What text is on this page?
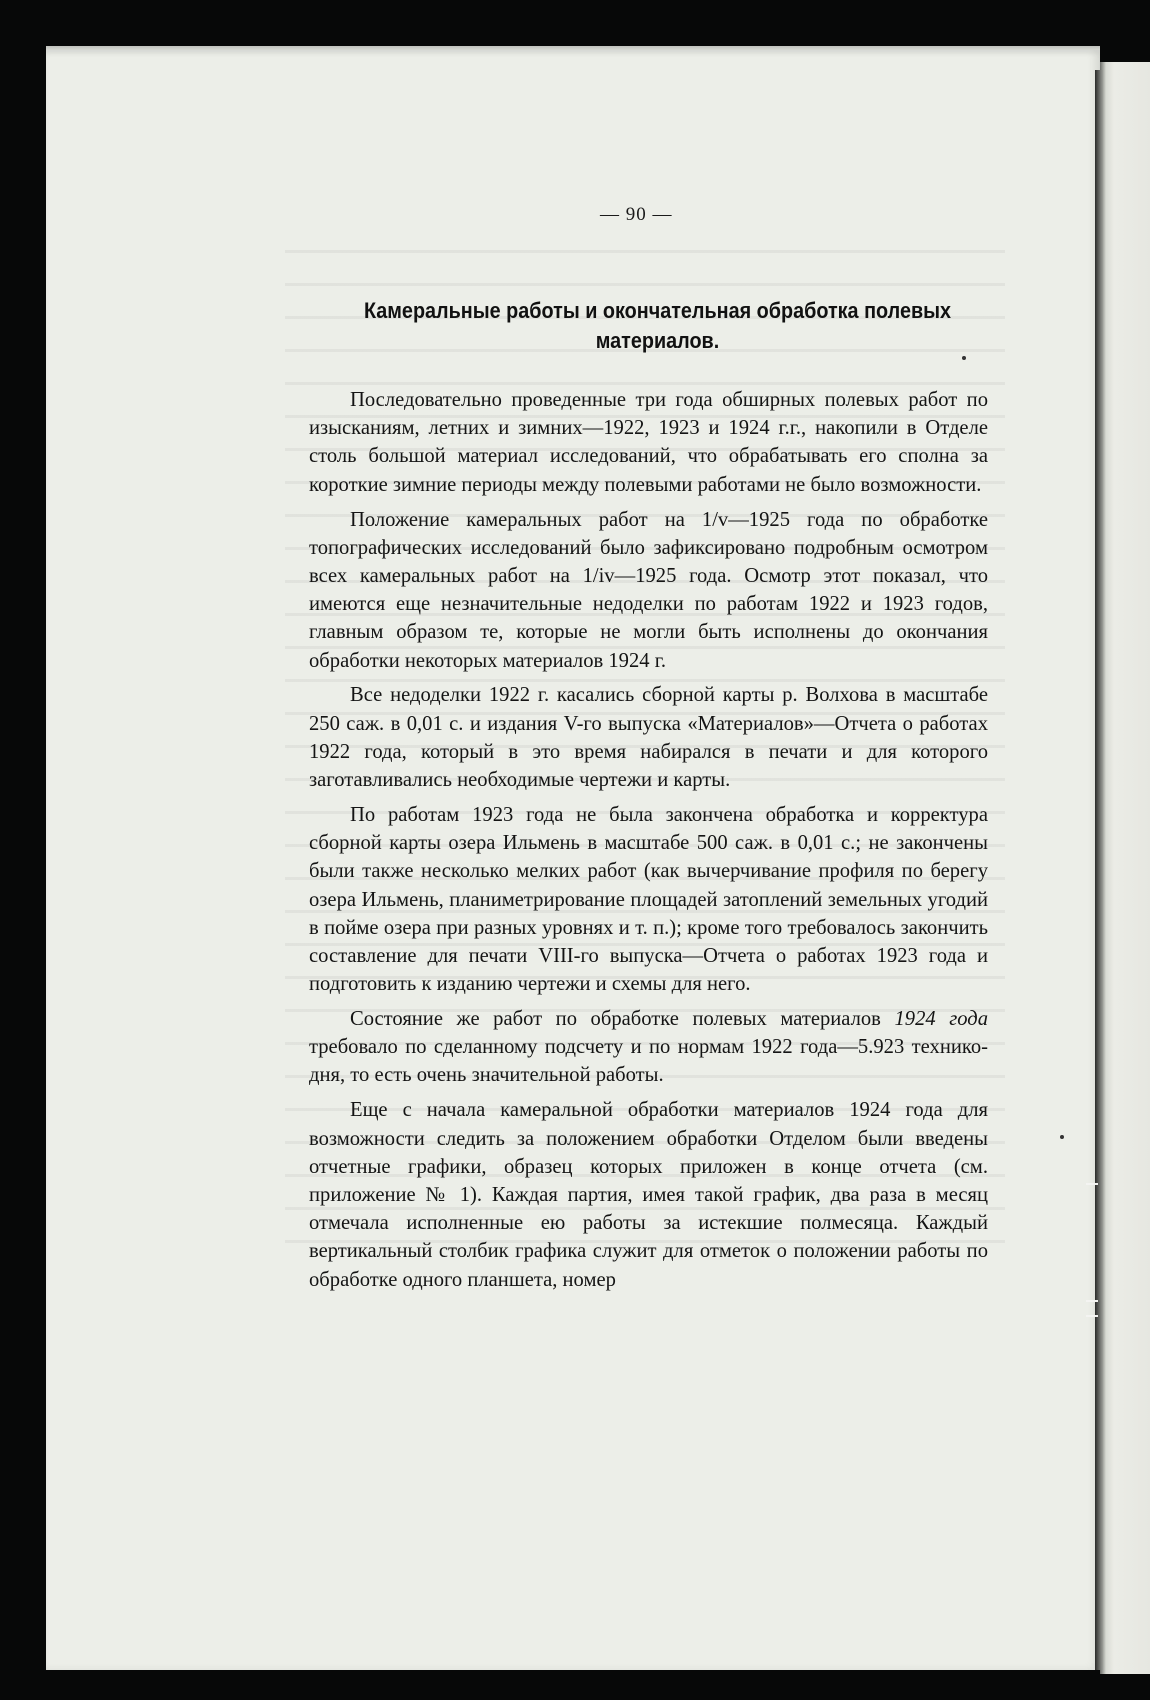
— 90 —
Камеральные работы и окончательная обработка полевых материалов.

Последовательно проведенные три года обширных полевых работ по изысканиям, летних и зимних—1922, 1923 и 1924 г.г., накопили в Отделе столь большой материал исследований, что обрабатывать его сполна за короткие зимние периоды между полевыми работами не было возможности.

Положение камеральных работ на 1/v—1925 года по обработке топографических исследований было зафиксировано подробным осмотром всех камеральных работ на 1/iv—1925 года. Осмотр этот показал, что имеются еще незначительные недоделки по работам 1922 и 1923 годов, главным образом те, которые не могли быть исполнены до окончания обработки некоторых материалов 1924 г.

Все недоделки 1922 г. касались сборной карты р. Волхова в масштабе 250 саж. в 0,01 с. и издания V-го выпуска «Материалов»—Отчета о работах 1922 года, который в это время набирался в печати и для которого заготавливались необходимые чертежи и карты.

По работам 1923 года не была закончена обработка и корректура сборной карты озера Ильмень в масштабе 500 саж. в 0,01 с.; не закончены были также несколько мелких работ (как вычерчивание профиля по берегу озера Ильмень, планиметрирование площадей затоплений земельных угодий в пойме озера при разных уровнях и т. п.); кроме того требовалось закончить составление для печати VIII-го выпуска—Отчета о работах 1923 года и подготовить к изданию чертежи и схемы для него.

Состояние же работ по обработке полевых материалов 1924 года требовало по сделанному подсчету и по нормам 1922 года—5.923 технико-дня, то есть очень значительной работы.

Еще с начала камеральной обработки материалов 1924 года для возможности следить за положением обработки Отделом были введены отчетные графики, образец которых приложен в конце отчета (см. приложение № 1). Каждая партия, имея такой график, два раза в месяц отмечала исполненные ею работы за истекшие полмесяца. Каждый вертикальный столбик графика служит для отметок о положении работы по обработке одного планшета, номер
